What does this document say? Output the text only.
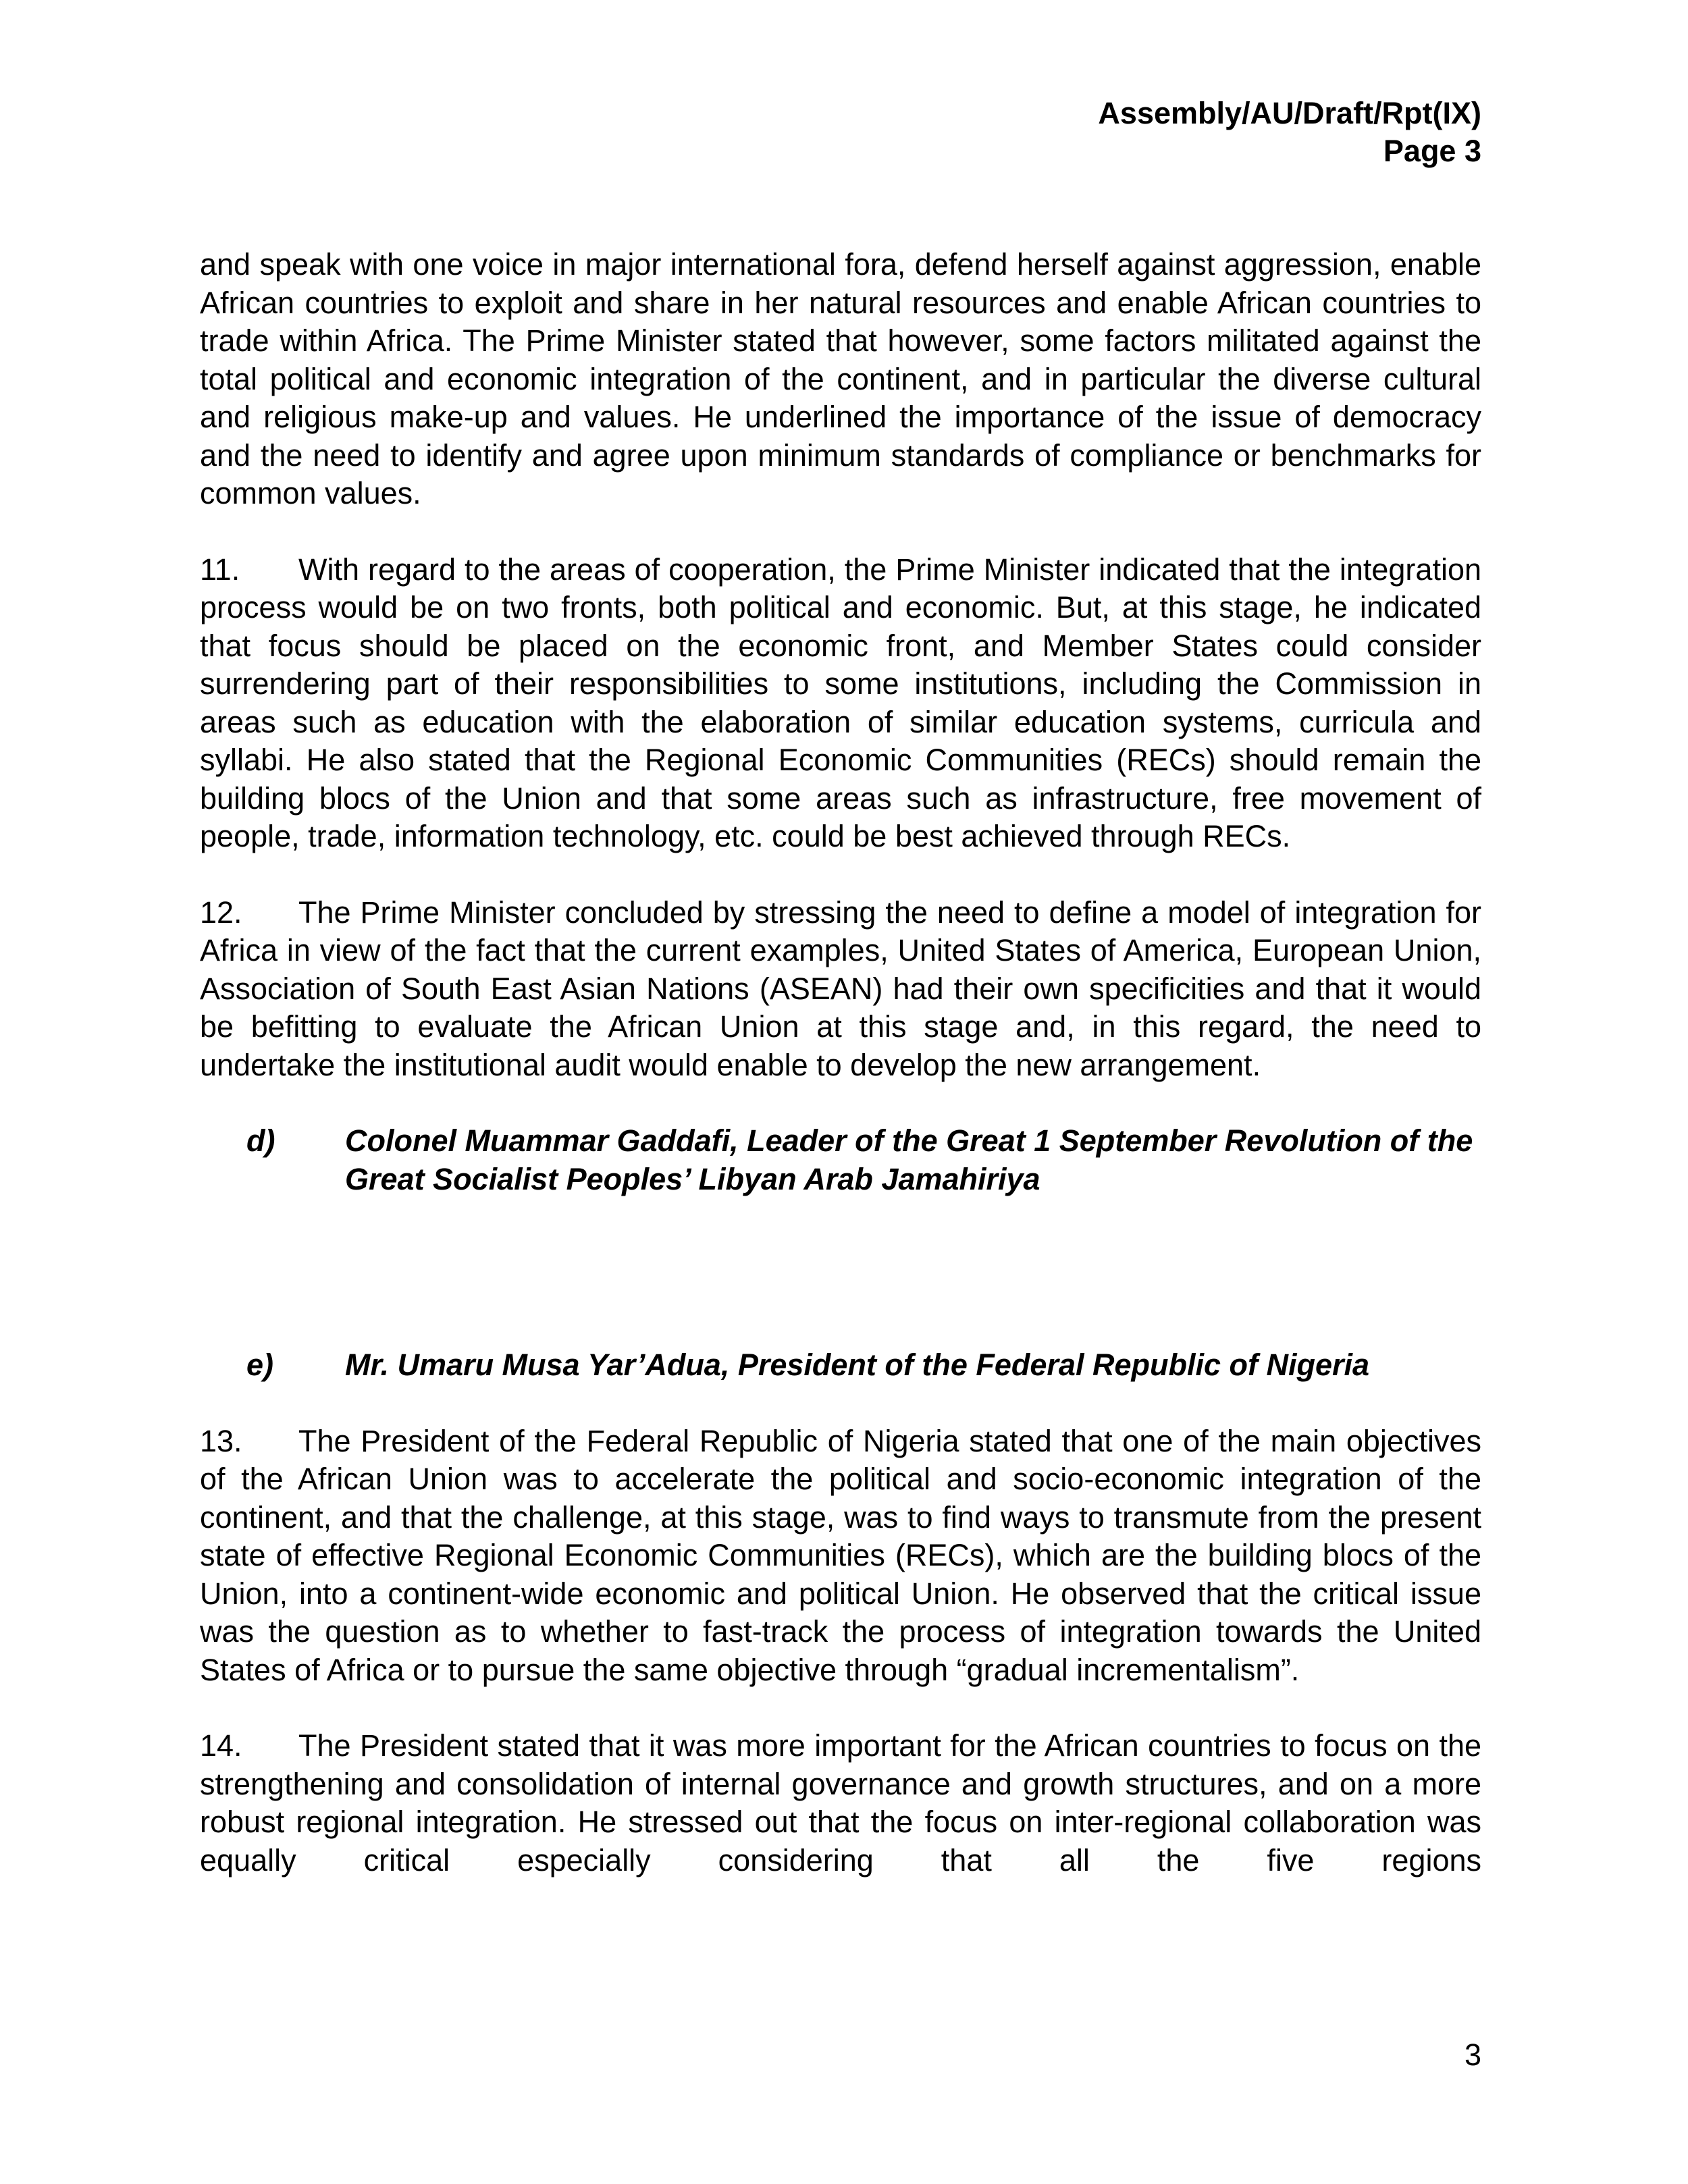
Assembly/AU/Draft/Rpt(IX)
Page 3

and speak with one voice in major international fora, defend herself against aggression, enable African countries to exploit and share in her natural resources and enable African countries to trade within Africa. The Prime Minister stated that however, some factors militated against the total political and economic integration of the continent, and in particular the diverse cultural and religious make-up and values. He underlined the importance of the issue of democracy and the need to identify and agree upon minimum standards of compliance or benchmarks for common values.

11. With regard to the areas of cooperation, the Prime Minister indicated that the integration process would be on two fronts, both political and economic. But, at this stage, he indicated that focus should be placed on the economic front, and Member States could consider surrendering part of their responsibilities to some institutions, including the Commission in areas such as education with the elaboration of similar education systems, curricula and syllabi. He also stated that the Regional Economic Communities (RECs) should remain the building blocs of the Union and that some areas such as infrastructure, free movement of people, trade, information technology, etc. could be best achieved through RECs.

12. The Prime Minister concluded by stressing the need to define a model of integration for Africa in view of the fact that the current examples, United States of America, European Union, Association of South East Asian Nations (ASEAN) had their own specificities and that it would be befitting to evaluate the African Union at this stage and, in this regard, the need to undertake the institutional audit would enable to develop the new arrangement.

d)	Colonel Muammar Gaddafi, Leader of the Great 1 September Revolution of the Great Socialist Peoples’ Libyan Arab Jamahiriya
e)	Mr. Umaru Musa Yar’Adua, President of the Federal Republic of Nigeria

13. The President of the Federal Republic of Nigeria stated that one of the main objectives of the African Union was to accelerate the political and socio-economic integration of the continent, and that the challenge, at this stage, was to find ways to transmute from the present state of effective Regional Economic Communities (RECs), which are the building blocs of the Union, into a continent-wide economic and political Union. He observed that the critical issue was the question as to whether to fast-track the process of integration towards the United States of Africa or to pursue the same objective through “gradual incrementalism”.

14. The President stated that it was more important for the African countries to focus on the strengthening and consolidation of internal governance and growth structures, and on a more robust regional integration. He stressed out that the focus on inter-regional collaboration was equally critical especially considering that all the five regions

3
